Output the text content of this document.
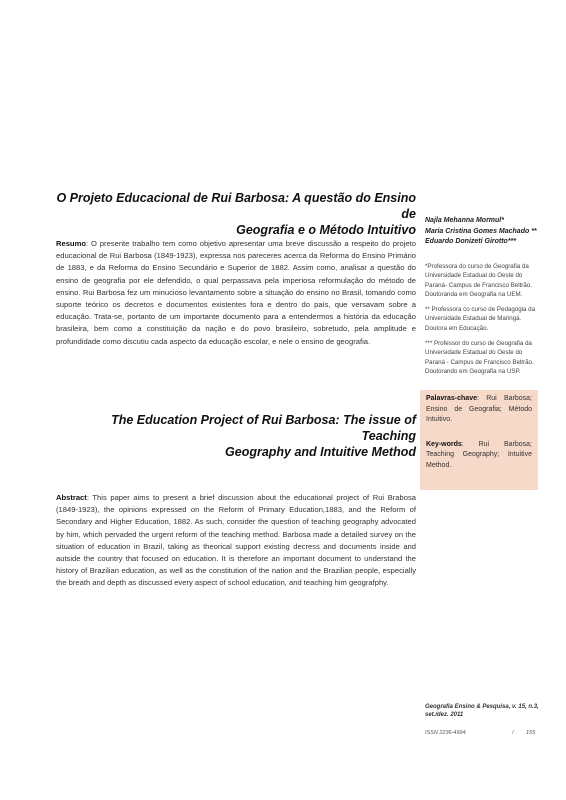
O Projeto Educacional de Rui Barbosa: A questão do Ensino de

Geografia e o Método Intuitivo

Resumo: O presente trabalho tem como objetivo apresentar uma breve discussão a respeito do projeto educacional de Rui Barbosa (1849-1923), expressa nos pareceres acerca da Reforma do Ensino Primário de 1883, e da Reforma do Ensino Secundário e Superior de 1882. Assim como, analisar a questão do ensino de geografia por ele defendido, o qual perpassava pela imperiosa reformulação do método de ensino. Rui Barbosa fez um minucioso levantamento sobre a situação do ensino no Brasil, tomando como suporte teórico os decretos e documentos existentes fora e dentro do país, que versavam sobre a educação. Trata-se, portanto de um importante documento para a entendermos a história da educação brasileira, bem como a constituição da nação e do povo brasileiro, sobretudo, pela amplitude e profundidade como discutiu cada aspecto da educação escolar, e nele o ensino de geografia.

The Education Project of Rui Barbosa: The issue of Teaching

Geography and Intuitive Method

Abstract: This paper aims to present a brief discussion about the educational project of Rui Brabosa (1849-1923), the opinions expressed on the Reform of Primary Education,1883, and the Reform of Secondary and Higher Education, 1882. As such, consider the question of teaching geography advocated by him, which pervaded the urgent reform of the teaching method. Barbosa made a detailed survey on the situation of education in Brazil, taking as theorical support existing decress and documents inside and autside the country that focused on education. It is therefore an important document to understand the history of Brazilian education, as well as the constitution of the nation and the Brazilian people, especially the breath and depth as discussed every aspect of school education, and teaching him geografphy.

Najla Mehanna Mormul*
Maria Cristina Gomes Machado **
Eduardo Donizeti Girotto***

*Professora do curso de Geografia da Universidade Estadual do Oeste do Paraná- Campus de Francisco Beltrão. Doutoranda em Geografia na UEM.

** Professora co curso de Pedagogia da Universidade Estadual de Maringá. Doutora em Educação.

*** Professor do curso de Geografia da Universidade Estadual do Oeste do Paraná - Campus de Francisco Beltrão. Doutorando em Geografia na USP.

Palavras-chave: Rui Barbosa; Ensino de Geografia; Método Intuitivo.
Key-words: Rui Barbosa; Teaching Geography; Intuitive Method.
Geografia Ensino & Pesquisa, v. 15, n.3, set./dez. 2011
ISSN 2236-4994	/ 155
